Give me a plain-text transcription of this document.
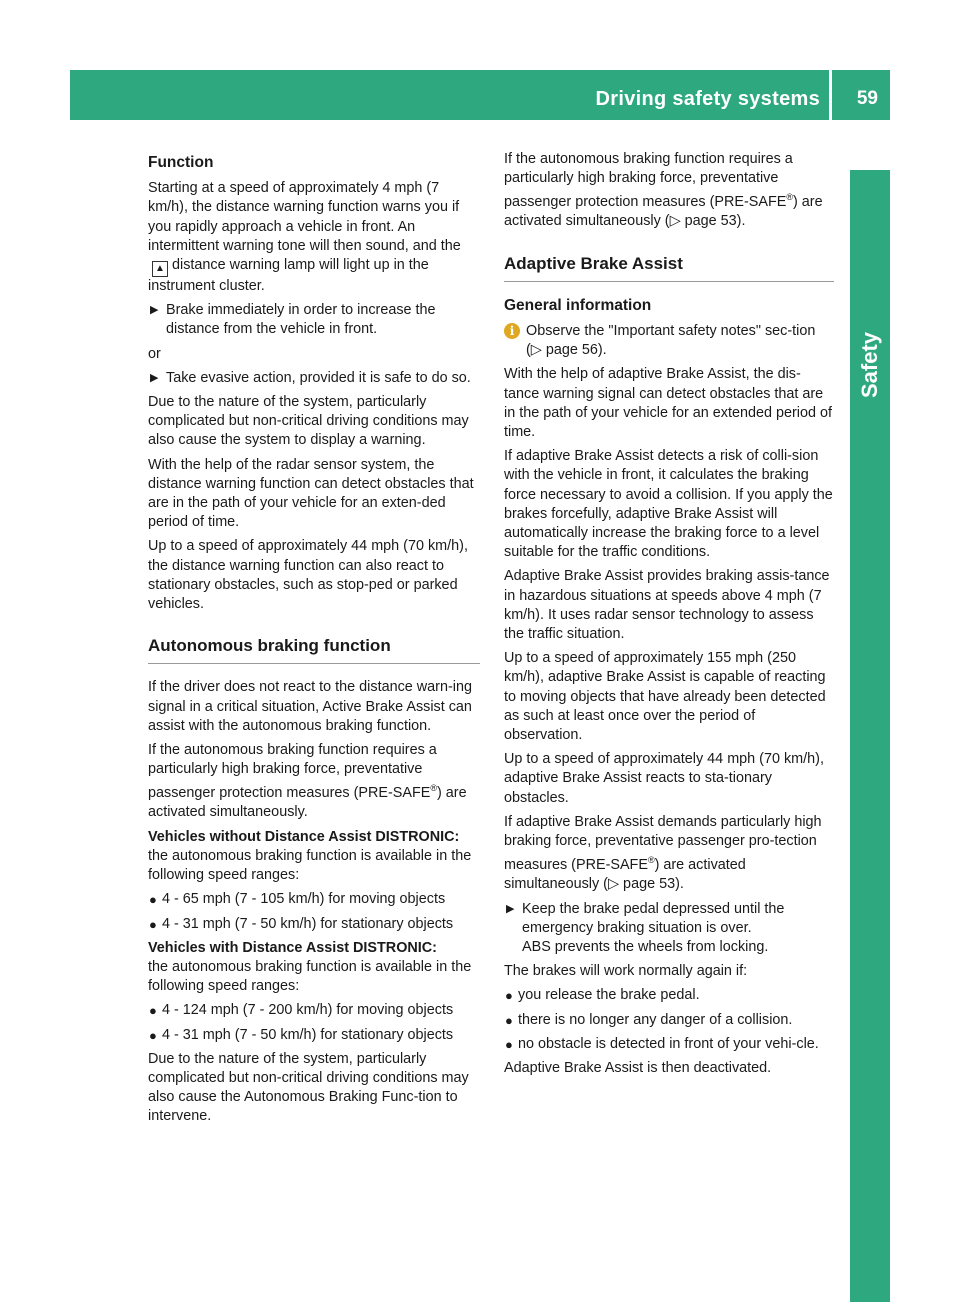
Driving safety systems 59
Safety
Function

Starting at a speed of approximately 4 mph (7 km/h), the distance warning function warns you if you rapidly approach a vehicle in front. An intermittent warning tone will then sound, and the▲ distance warning lamp will light up in the instrument cluster.

▶ Brake immediately in order to increase the distance from the vehicle in front.

or

▶ Take evasive action, provided it is safe to do so.

Due to the nature of the system, particularly complicated but non-critical driving conditions may also cause the system to display a warning.

With the help of the radar sensor system, the distance warning function can detect obstacles that are in the path of your vehicle for an exten-ded period of time.

Up to a speed of approximately 44 mph (70 km/h), the distance warning function can also react to stationary obstacles, such as stop-ped or parked vehicles.

Autonomous braking function

If the driver does not react to the distance warn-ing signal in a critical situation, Active Brake Assist can assist with the autonomous braking function.

If the autonomous braking function requires a particularly high braking force, preventative passenger protection measures (PRE-SAFE®) are activated simultaneously.

Vehicles without Distance Assist DISTRONIC: the autonomous braking function is available in the following speed ranges:

● 4 - 65 mph (7 - 105 km/h) for moving objects
● 4 - 31 mph (7 - 50 km/h) for stationary objects

Vehicles with Distance Assist DISTRONIC:
the autonomous braking function is available in the following speed ranges:

● 4 - 124 mph (7 - 200 km/h) for moving objects
● 4 - 31 mph (7 - 50 km/h) for stationary objects

Due to the nature of the system, particularly complicated but non-critical driving conditions may also cause the Autonomous Braking Func-tion to intervene.

If the autonomous braking function requires a particularly high braking force, preventative passenger protection measures (PRE-SAFE®) are activated simultaneously (▷ page 53).

Adaptive Brake Assist
General information
i Observe the "Important safety notes" sec-tion (▷ page 56).

With the help of adaptive Brake Assist, the dis-tance warning signal can detect obstacles that are in the path of your vehicle for an extended period of time.

If adaptive Brake Assist detects a risk of colli-sion with the vehicle in front, it calculates the braking force necessary to avoid a collision. If you apply the brakes forcefully, adaptive Brake Assist will automatically increase the braking force to a level suitable for the traffic conditions.

Adaptive Brake Assist provides braking assis-tance in hazardous situations at speeds above 4 mph (7 km/h). It uses radar sensor technology to assess the traffic situation.

Up to a speed of approximately 155 mph (250 km/h), adaptive Brake Assist is capable of reacting to moving objects that have already been detected as such at least once over the period of observation.

Up to a speed of approximately 44 mph (70 km/h), adaptive Brake Assist reacts to sta-tionary obstacles.

If adaptive Brake Assist demands particularly high braking force, preventative passenger pro-tection measures (PRE-SAFE®) are activated simultaneously (▷ page 53).

▶ Keep the brake pedal depressed until the emergency braking situation is over.
ABS prevents the wheels from locking.

The brakes will work normally again if:

● you release the brake pedal.
● there is no longer any danger of a collision.
● no obstacle is detected in front of your vehi-cle.

Adaptive Brake Assist is then deactivated.
